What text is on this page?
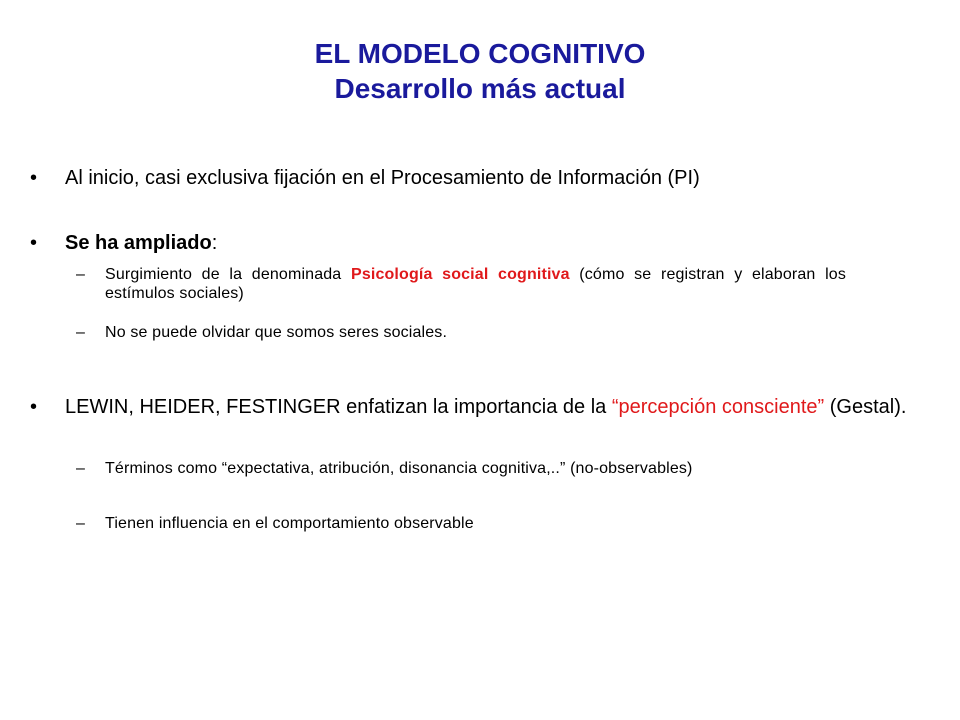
EL MODELO COGNITIVO
Desarrollo más actual
• Al inicio, casi exclusiva fijación en el Procesamiento de Información (PI)
• Se ha ampliado:
– Surgimiento de la denominada Psicología social cognitiva (cómo se registran y elaboran los estímulos sociales)
– No se puede olvidar que somos seres sociales.
• LEWIN, HEIDER, FESTINGER enfatizan la importancia de la “percepción consciente” (Gestal).
– Términos como “expectativa, atribución, disonancia cognitiva,..” (no-observables)
– Tienen influencia en el comportamiento observable
